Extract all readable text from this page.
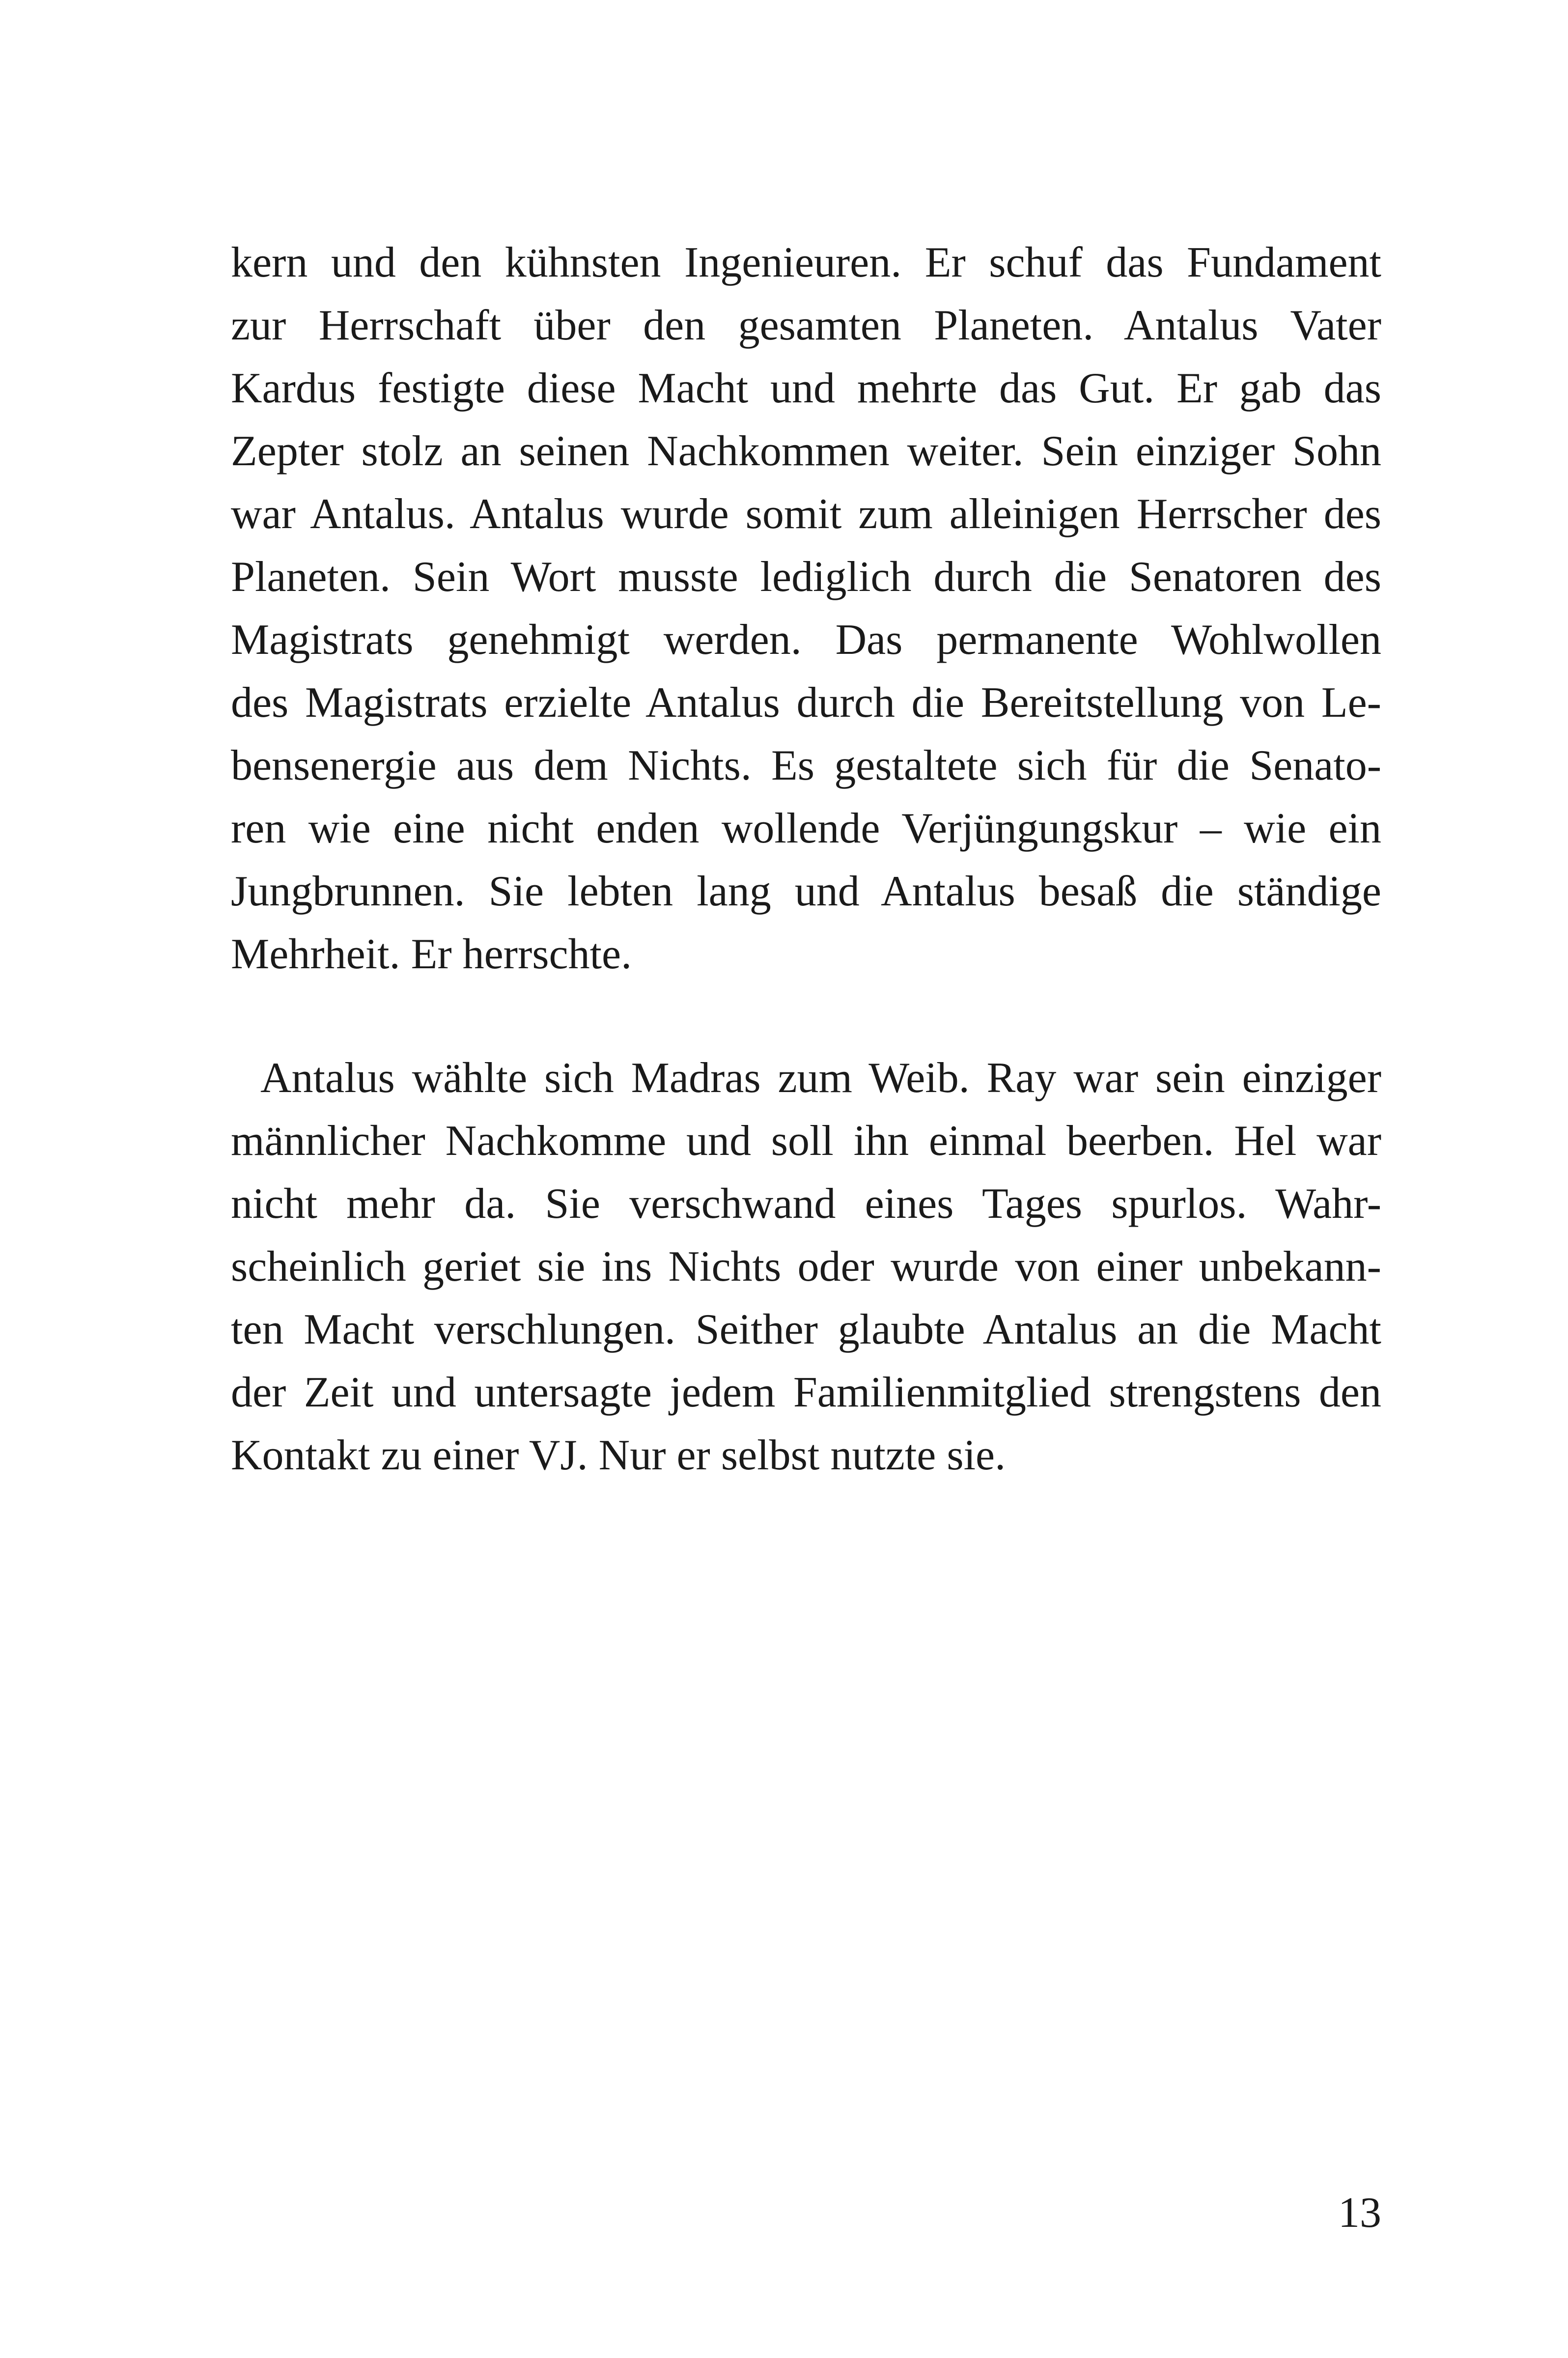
kern und den kühnsten Ingenieuren. Er schuf das Fundament

zur Herrschaft über den gesamten Planeten. Antalus Vater

Kardus festigte diese Macht und mehrte das Gut. Er gab das

Zepter stolz an seinen Nachkommen weiter. Sein einziger Sohn

war Antalus. Antalus wurde somit zum alleinigen Herrscher des

Planeten. Sein Wort musste lediglich durch die Senatoren des

Magistrats genehmigt werden. Das permanente Wohlwollen

des Magistrats erzielte Antalus durch die Bereitstellung von Le-

bensenergie aus dem Nichts. Es gestaltete sich für die Senato-

ren wie eine nicht enden wollende Verjüngungskur – wie ein

Jungbrunnen. Sie lebten lang und Antalus besaß die ständige

Mehrheit. Er herrschte.

Antalus wählte sich Madras zum Weib. Ray war sein einziger

männlicher Nachkomme und soll ihn einmal beerben. Hel war

nicht mehr da. Sie verschwand eines Tages spurlos. Wahr-

scheinlich geriet sie ins Nichts oder wurde von einer unbekann-

ten Macht verschlungen. Seither glaubte Antalus an die Macht

der Zeit und untersagte jedem Familienmitglied strengstens den

Kontakt zu einer VJ. Nur er selbst nutzte sie.

13
